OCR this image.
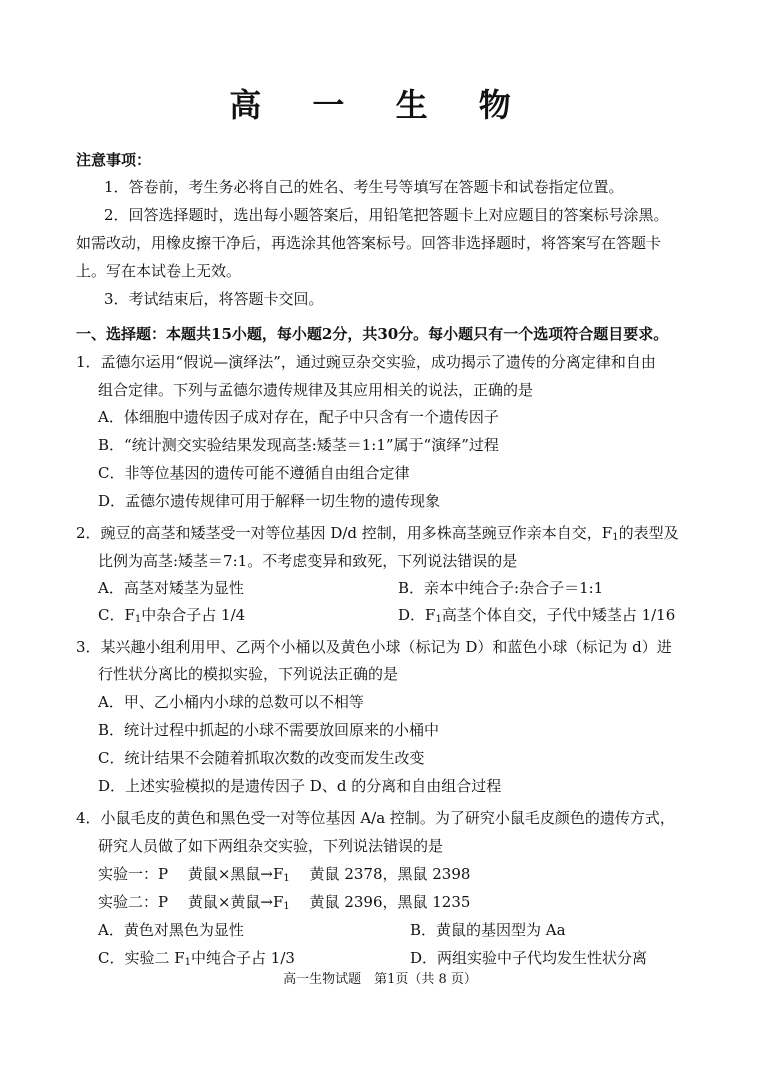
高 一 生 物
注意事项：
1．答卷前，考生务必将自己的姓名、考生号等填写在答题卡和试卷指定位置。
2．回答选择题时，选出每小题答案后，用铅笔把答题卡上对应题目的答案标号涂黑。
如需改动，用橡皮擦干净后，再选涂其他答案标号。回答非选择题时，将答案写在答题卡
上。写在本试卷上无效。
3．考试结束后，将答题卡交回。
一、选择题：本题共15小题，每小题2分，共30分。每小题只有一个选项符合题目要求。
1．孟德尔运用“假说—演绎法”，通过豌豆杂交实验，成功揭示了遗传的分离定律和自由
组合定律。下列与孟德尔遗传规律及其应用相关的说法，正确的是
A．体细胞中遗传因子成对存在，配子中只含有一个遗传因子
B．“统计测交实验结果发现高茎:矮茎＝1:1”属于“演绎”过程
C．非等位基因的遗传可能不遵循自由组合定律
D．孟德尔遗传规律可用于解释一切生物的遗传现象
2．豌豆的高茎和矮茎受一对等位基因 D/d 控制，用多株高茎豌豆作亲本自交，$F_1$的表型及
比例为高茎:矮茎＝7:1。不考虑变异和致死，下列说法错误的是
A．高茎对矮茎为显性	B．亲本中纯合子:杂合子＝1:1
C．$F_1$中杂合子占 1/4	D．$F_1$高茎个体自交，子代中矮茎占 1/16
3．某兴趣小组利用甲、乙两个小桶以及黄色小球（标记为 D）和蓝色小球（标记为 d）进
行性状分离比的模拟实验，下列说法正确的是
A．甲、乙小桶内小球的总数可以不相等
B．统计过程中抓起的小球不需要放回原来的小桶中
C．统计结果不会随着抓取次数的改变而发生改变
D．上述实验模拟的是遗传因子 D、d 的分离和自由组合过程
4．小鼠毛皮的黄色和黑色受一对等位基因 A/a 控制。为了研究小鼠毛皮颜色的遗传方式，
研究人员做了如下两组杂交实验，下列说法错误的是
实验一：P　 黄鼠×黑鼠$\to F_1$　 黄鼠 2378，黑鼠 2398
实验二：P　 黄鼠×黄鼠$\to F_1$　 黄鼠 2396，黑鼠 1235
A．黄色对黑色为显性	B．黄鼠的基因型为 Aa
C．实验二 $F_1$中纯合子占 1/3	D．两组实验中子代均发生性状分离
高一生物试题　第1页（共 8 页）
